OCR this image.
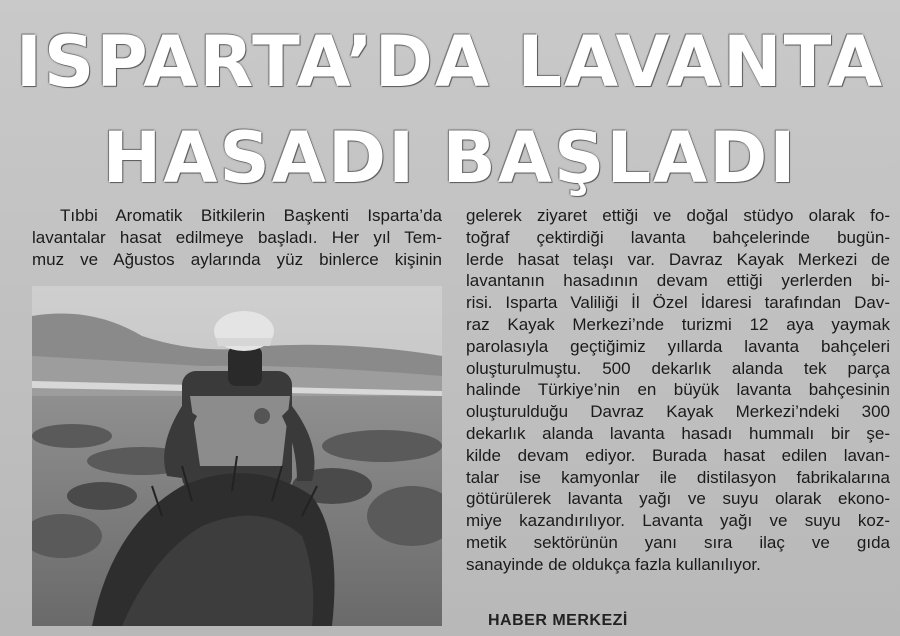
ISPARTA’DA LAVANTA
HASADI BAŞLADI
Tıbbi Aromatik Bitkilerin Başkenti Isparta’da
lavantalar hasat edilmeye başladı. Her yıl Tem-
muz ve Ağustos aylarında yüz binlerce kişinin
gelerek ziyaret ettiği ve doğal stüdyo olarak fo-
toğraf çektirdiği lavanta bahçelerinde bugün-
lerde hasat telaşı var. Davraz Kayak Merkezi de
lavantanın hasadının devam ettiği yerlerden bi-
risi. Isparta Valiliği İl Özel İdaresi tarafından Dav-
raz Kayak Merkezi’nde turizmi 12 aya yaymak
parolasıyla geçtiğimiz yıllarda lavanta bahçeleri
oluşturulmuştu. 500 dekarlık alanda tek parça
halinde Türkiye’nin en büyük lavanta bahçesinin
oluşturulduğu Davraz Kayak Merkezi’ndeki 300
dekarlık alanda lavanta hasadı hummalı bir şe-
kilde devam ediyor. Burada hasat edilen lavan-
talar ise kamyonlar ile distilasyon fabrikalarına
götürülerek lavanta yağı ve suyu olarak ekono-
miye kazandırılıyor. Lavanta yağı ve suyu koz-
metik sektörünün yanı sıra ilaç ve gıda
sanayinde de oldukça fazla kullanılıyor.
HABER MERKEZİ
